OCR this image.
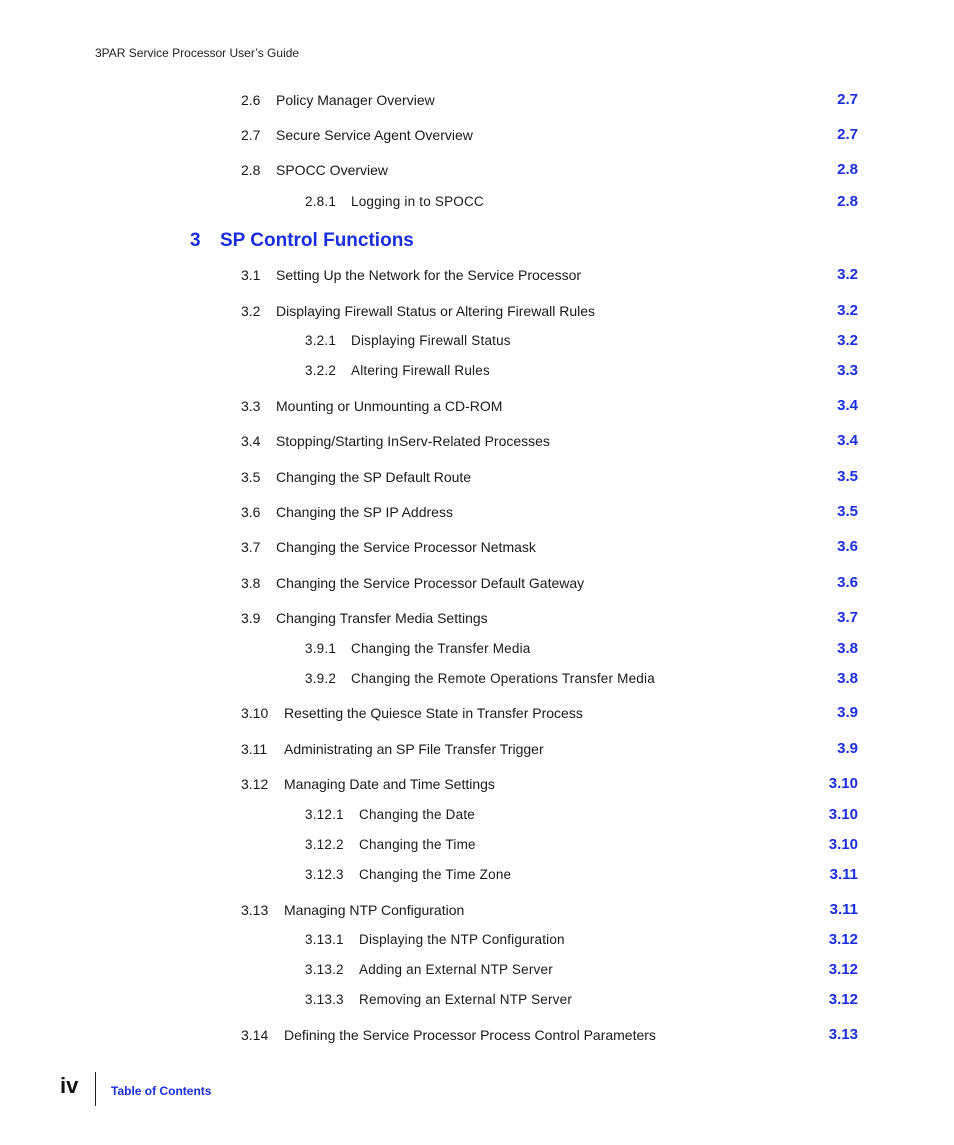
3PAR Service Processor User’s Guide
3 SP Control Functions
2.6 Policy Manager Overview	2.7
2.7 Secure Service Agent Overview	2.7
2.8 SPOCC Overview	2.8
2.8.1 Logging in to SPOCC	2.8
3.1 Setting Up the Network for the Service Processor	3.2
3.2 Displaying Firewall Status or Altering Firewall Rules	3.2
3.2.1 Displaying Firewall Status	3.2
3.2.2 Altering Firewall Rules	3.3
3.3 Mounting or Unmounting a CD-ROM	3.4
3.4 Stopping/Starting InServ-Related Processes	3.4
3.5 Changing the SP Default Route	3.5
3.6 Changing the SP IP Address	3.5
3.7 Changing the Service Processor Netmask	3.6
3.8 Changing the Service Processor Default Gateway	3.6
3.9 Changing Transfer Media Settings	3.7
3.9.1 Changing the Transfer Media	3.8
3.9.2 Changing the Remote Operations Transfer Media	3.8
3.10 Resetting the Quiesce State in Transfer Process	3.9
3.11 Administrating an SP File Transfer Trigger	3.9
3.12 Managing Date and Time Settings	3.10
3.12.1 Changing the Date	3.10
3.12.2 Changing the Time	3.10
3.12.3 Changing the Time Zone	3.11
3.13 Managing NTP Configuration	3.11
3.13.1 Displaying the NTP Configuration	3.12
3.13.2 Adding an External NTP Server	3.12
3.13.3 Removing an External NTP Server	3.12
3.14 Defining the Service Processor Process Control Parameters	3.13
iv	Table of Contents
